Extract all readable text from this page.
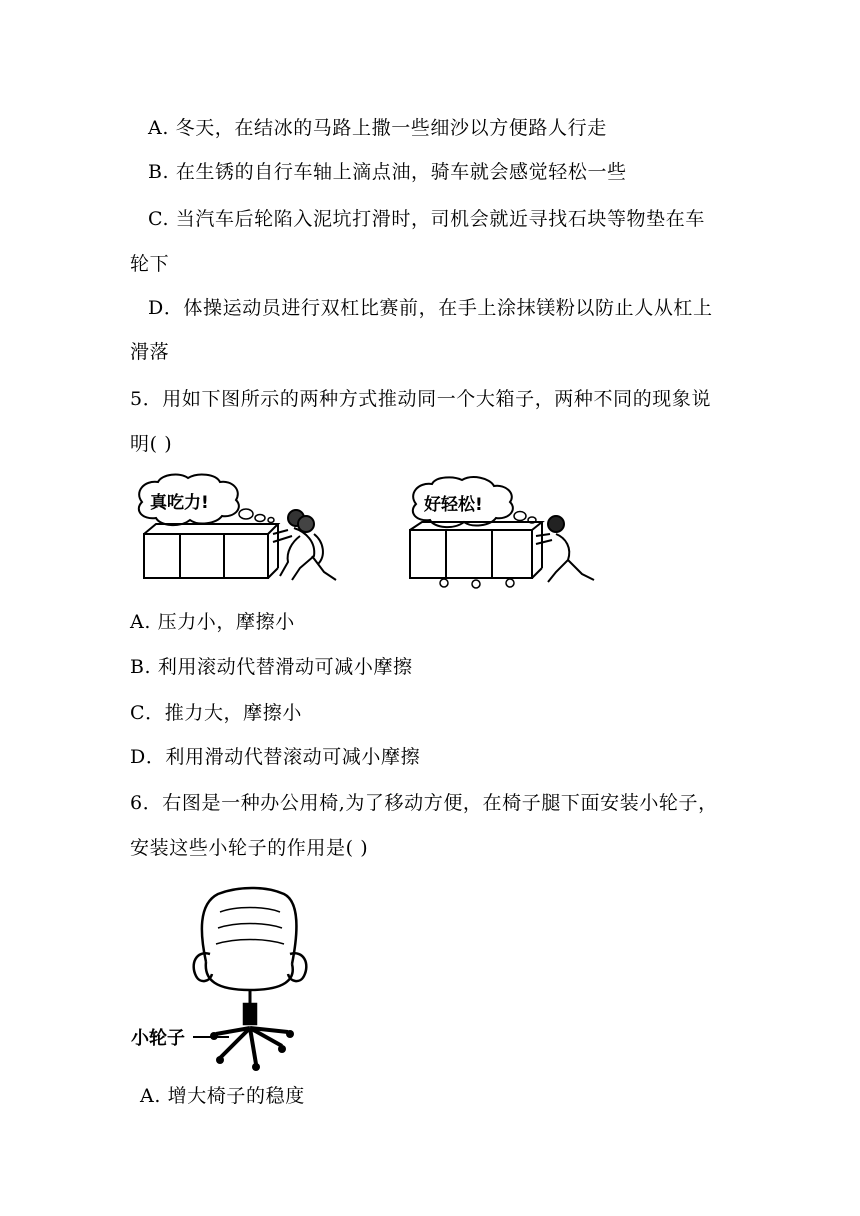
A. 冬天，在结冰的马路上撒一些细沙以方便路人行走
B. 在生锈的自行车轴上滴点油，骑车就会感觉轻松一些
C. 当汽车后轮陷入泥坑打滑时，司机会就近寻找石块等物垫在车
轮下
D．体操运动员进行双杠比赛前，在手上涂抹镁粉以防止人从杠上
滑落
5．用如下图所示的两种方式推动同一个大箱子，两种不同的现象说
明( )
真吃力!	好轻松!
A. 压力小，摩擦小
B. 利用滚动代替滑动可减小摩擦
C．推力大，摩擦小
D．利用滑动代替滚动可减小摩擦
6．右图是一种办公用椅,为了移动方便，在椅子腿下面安装小轮子，
安装这些小轮子的作用是( )
小轮子
A. 增大椅子的稳度
